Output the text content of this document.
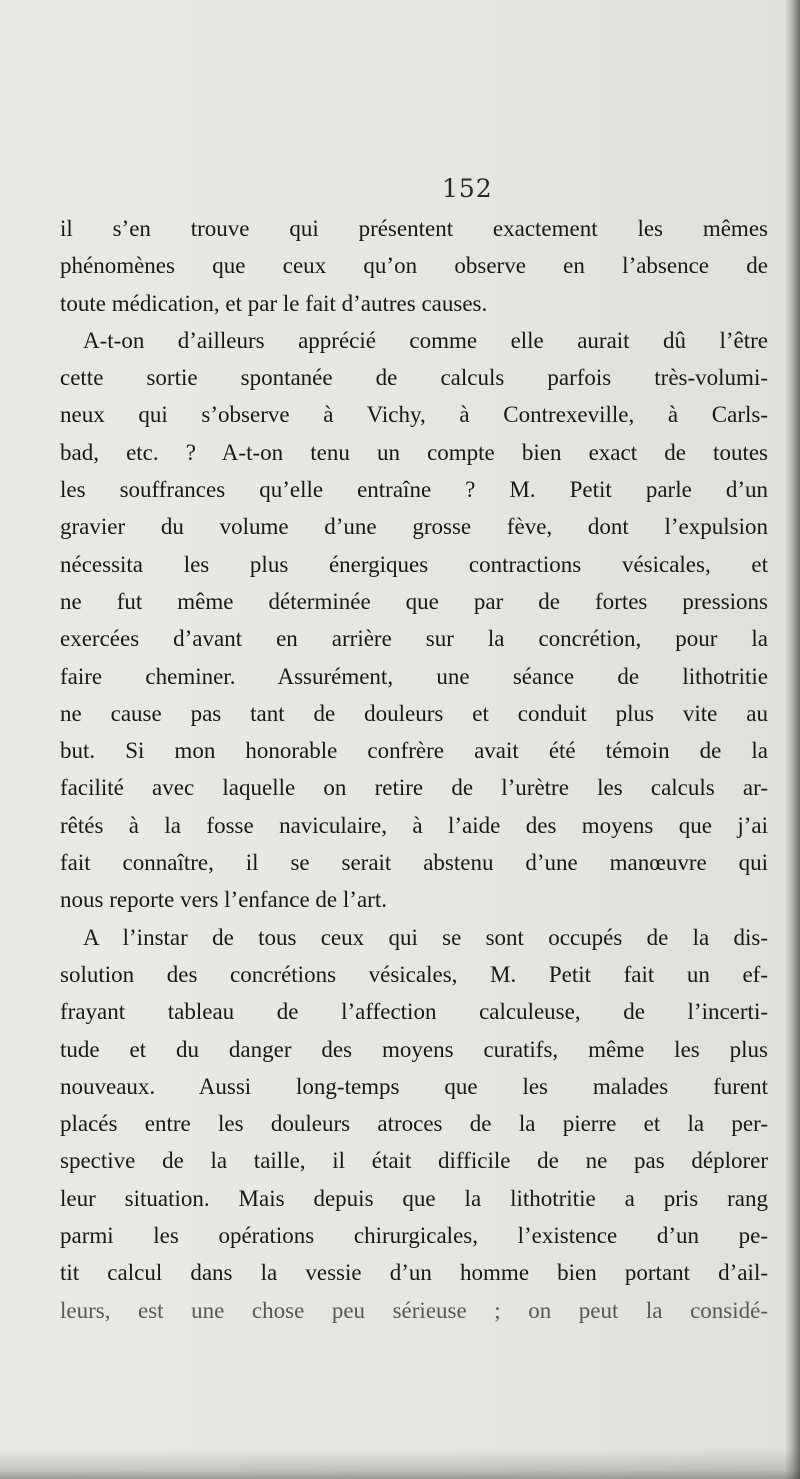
152
il s’en trouve qui présentent exactement les mêmes
phénomènes que ceux qu’on observe en l’absence de
toute médication, et par le fait d’autres causes.
A-t-on d’ailleurs apprécié comme elle aurait dû l’être
cette sortie spontanée de calculs parfois très-volumi-
neux qui s’observe à Vichy, à Contrexeville, à Carls-
bad, etc. ? A-t-on tenu un compte bien exact de toutes
les souffrances qu’elle entraîne ? M. Petit parle d’un
gravier du volume d’une grosse fève, dont l’expulsion
nécessita les plus énergiques contractions vésicales, et
ne fut même déterminée que par de fortes pressions
exercées d’avant en arrière sur la concrétion, pour la
faire cheminer. Assurément, une séance de lithotritie
ne cause pas tant de douleurs et conduit plus vite au
but. Si mon honorable confrère avait été témoin de la
facilité avec laquelle on retire de l’urètre les calculs ar-
rêtés à la fosse naviculaire, à l’aide des moyens que j’ai
fait connaître, il se serait abstenu d’une manœuvre qui
nous reporte vers l’enfance de l’art.
A l’instar de tous ceux qui se sont occupés de la dis-
solution des concrétions vésicales, M. Petit fait un ef-
frayant tableau de l’affection calculeuse, de l’incerti-
tude et du danger des moyens curatifs, même les plus
nouveaux. Aussi long-temps que les malades furent
placés entre les douleurs atroces de la pierre et la per-
spective de la taille, il était difficile de ne pas déplorer
leur situation. Mais depuis que la lithotritie a pris rang
parmi les opérations chirurgicales, l’existence d’un pe-
tit calcul dans la vessie d’un homme bien portant d’ail-
leurs, est une chose peu sérieuse ; on peut la considé-
